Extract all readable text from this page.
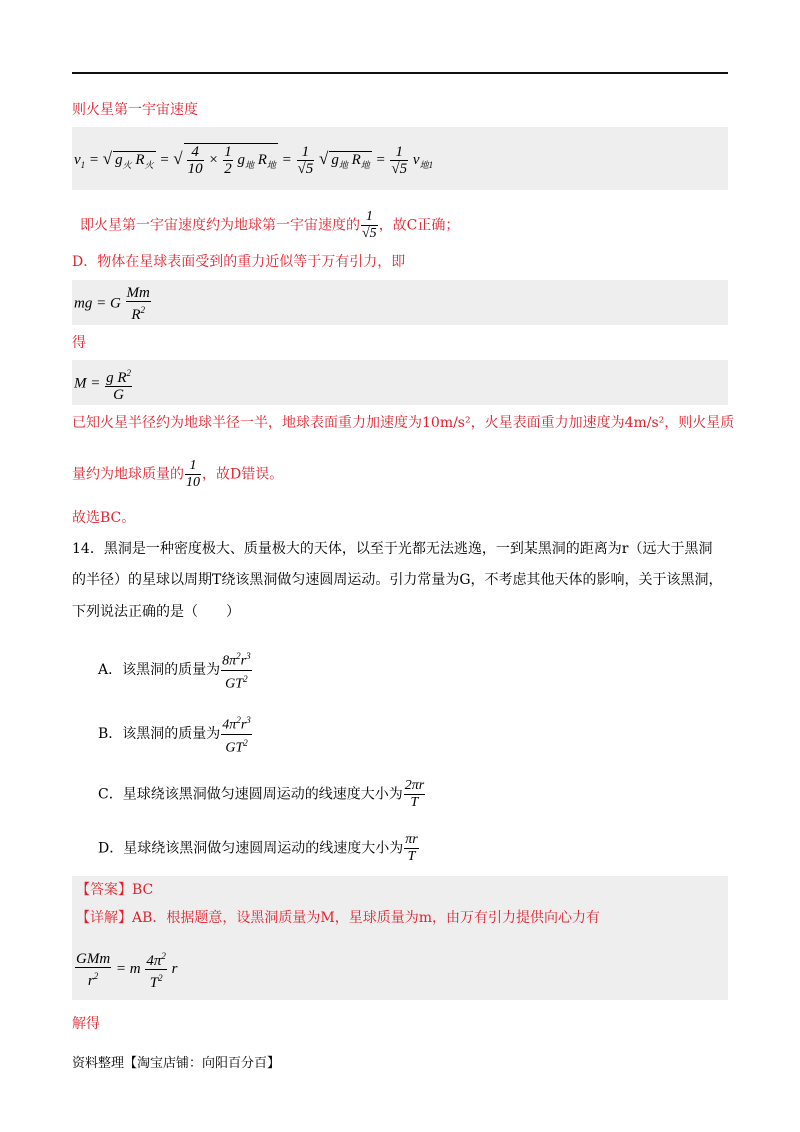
则火星第一宇宙速度
$v_1$ = √ $g_火$ $R_火$ = √ $\frac{4}{10} \times \frac{1}{2} g_地$ $R_地 = \frac{1}{√5}$ √ $g_地$ $R_地 = \frac{1}{√5} v_{地1}$
即火星第一宇宙速度约为地球第一宇宙速度的 $\frac{1}{√5}$ ，故C正确；
D．物体在星球表面受到的重力近似等于万有引力，即
mg = G $\frac{Mm}{R^2}$
得
$M = \frac{g R^2}{G}$
已知火星半径约为地球半径一半，地球表面重力加速度为10m/s²，火星表面重力加速度为4m/s²，则火星质
量约为地球质量的 $\frac{1}{10}$ ，故D错误。
故选BC。
14．黑洞是一种密度极大、质量极大的天体，以至于光都无法逃逸，一到某黑洞的距离为r（远大于黑洞
的半径）的星球以周期T绕该黑洞做匀速圆周运动。引力常量为G，不考虑其他天体的影响，关于该黑洞，
下列说法正确的是（　　）
A．该黑洞的质量为 $\frac{8\pi^2r^3}{GT^2}$
B．该黑洞的质量为 $\frac{4\pi^2r^3}{GT^2}$
C．星球绕该黑洞做匀速圆周运动的线速度大小为 $\frac{2\pi r}{T}$
D．星球绕该黑洞做匀速圆周运动的线速度大小为 $\frac{\pi r}{T}$
【答案】BC
【详解】AB．根据题意，设黑洞质量为M，星球质量为m，由万有引力提供向心力有
$\frac{\text{GMm}}{r^2} = m \frac{4\pi^2}{T^2}$ r
解得
资料整理【淘宝店铺：向阳百分百】
